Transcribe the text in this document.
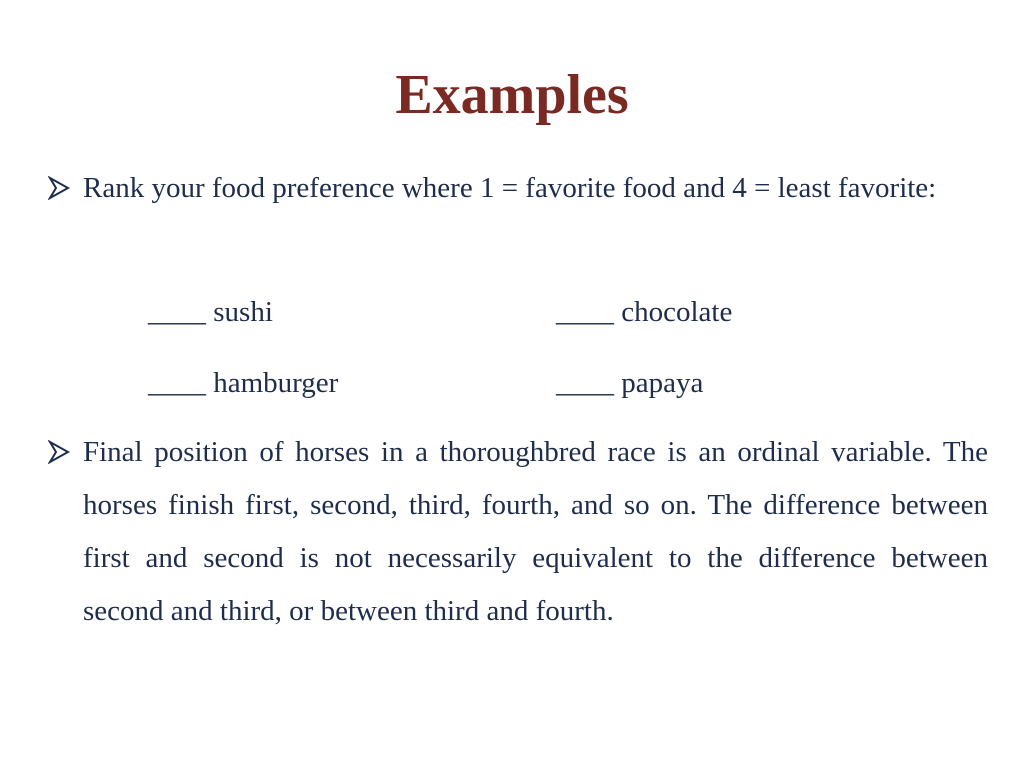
Examples
Rank your food preference where 1 = favorite food and 4 = least favorite:
____ sushi	____ chocolate
____ hamburger	____ papaya
Final position of horses in a thoroughbred race is an ordinal variable. The horses finish first, second, third, fourth, and so on. The difference between first and second is not necessarily equivalent to the difference between second and third, or between third and fourth.
